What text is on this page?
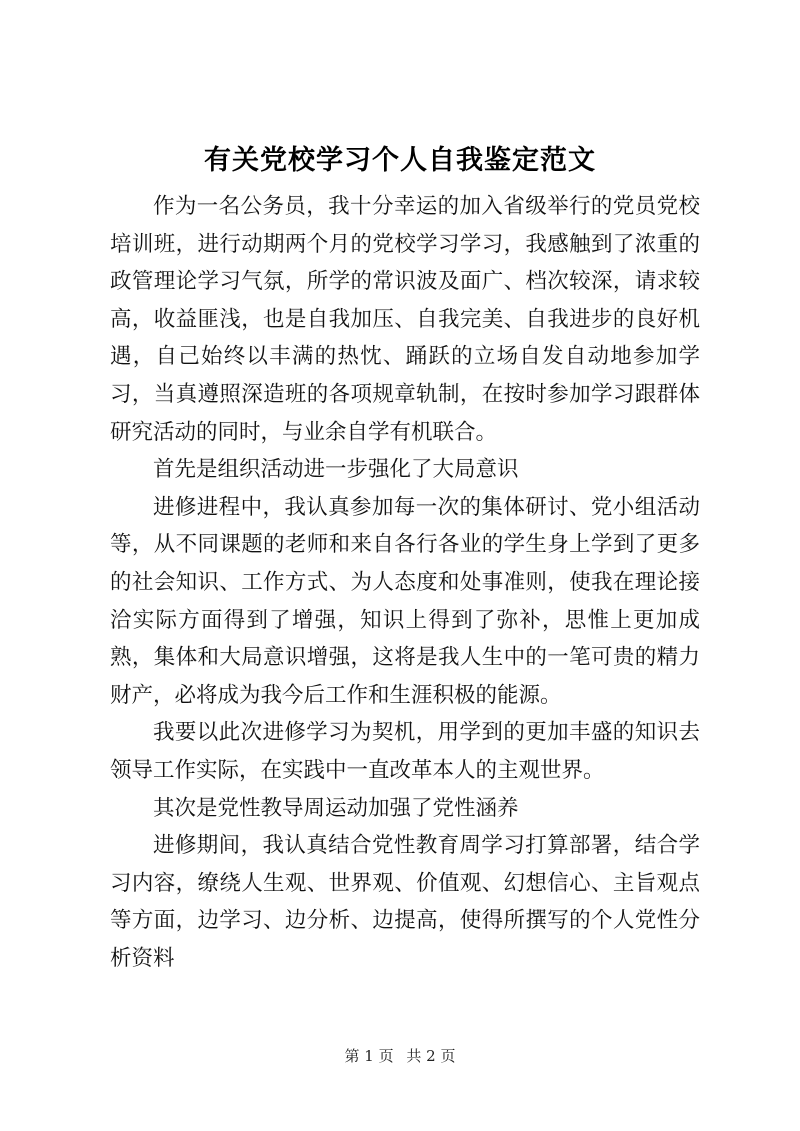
有关党校学习个人自我鉴定范文

作为一名公务员，我十分幸运的加入省级举行的党员党校培训班，进行动期两个月的党校学习学习，我感触到了浓重的政管理论学习气氛，所学的常识波及面广、档次较深，请求较高，收益匪浅，也是自我加压、自我完美、自我进步的良好机遇，自己始终以丰满的热忱、踊跃的立场自发自动地参加学习，当真遵照深造班的各项规章轨制，在按时参加学习跟群体研究活动的同时，与业余自学有机联合。

首先是组织活动进一步强化了大局意识

进修进程中，我认真参加每一次的集体研讨、党小组活动等，从不同课题的老师和来自各行各业的学生身上学到了更多的社会知识、工作方式、为人态度和处事准则，使我在理论接洽实际方面得到了增强，知识上得到了弥补，思惟上更加成熟，集体和大局意识增强，这将是我人生中的一笔可贵的精力财产，必将成为我今后工作和生涯积极的能源。

我要以此次进修学习为契机，用学到的更加丰盛的知识去领导工作实际，在实践中一直改革本人的主观世界。

其次是党性教导周运动加强了党性涵养

进修期间，我认真结合党性教育周学习打算部署，结合学习内容，缭绕人生观、世界观、价值观、幻想信心、主旨观点等方面，边学习、边分析、边提高，使得所撰写的个人党性分析资料

第 1 页 共 2 页
